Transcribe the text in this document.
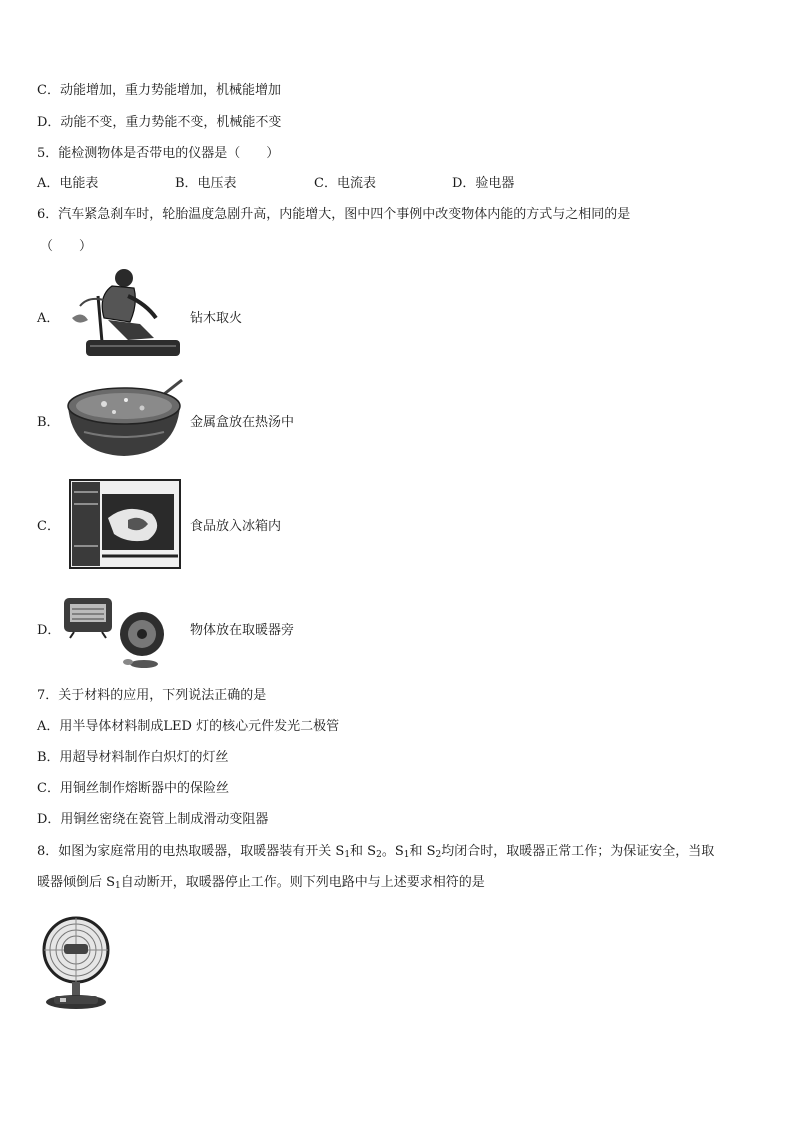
C．动能增加，重力势能增加，机械能增加
D．动能不变，重力势能不变，机械能不变
5．能检测物体是否带电的仪器是（　　）
A．电能表	B．电压表	C．电流表	D．验电器
6．汽车紧急刹车时，轮胎温度急剧升高，内能增大，图中四个事例中改变物体内能的方式与之相同的是
（　　）
A．	钻木取火
B．	金属盒放在热汤中
C．	食品放入冰箱内
D．	物体放在取暖器旁
7．关于材料的应用，下列说法正确的是
A．用半导体材料制成LED 灯的核心元件发光二极管
B．用超导材料制作白炽灯的灯丝
C．用铜丝制作熔断器中的保险丝
D．用铜丝密绕在瓷管上制成滑动变阻器
8．如图为家庭常用的电热取暖器，取暖器装有开关 $S_1$和 $S_2$。$S_1$和 $S_2$均闭合时，取暖器正常工作；为保证安全，当取
暖器倾倒后 $S_1$自动断开，取暖器停止工作。则下列电路中与上述要求相符的是
